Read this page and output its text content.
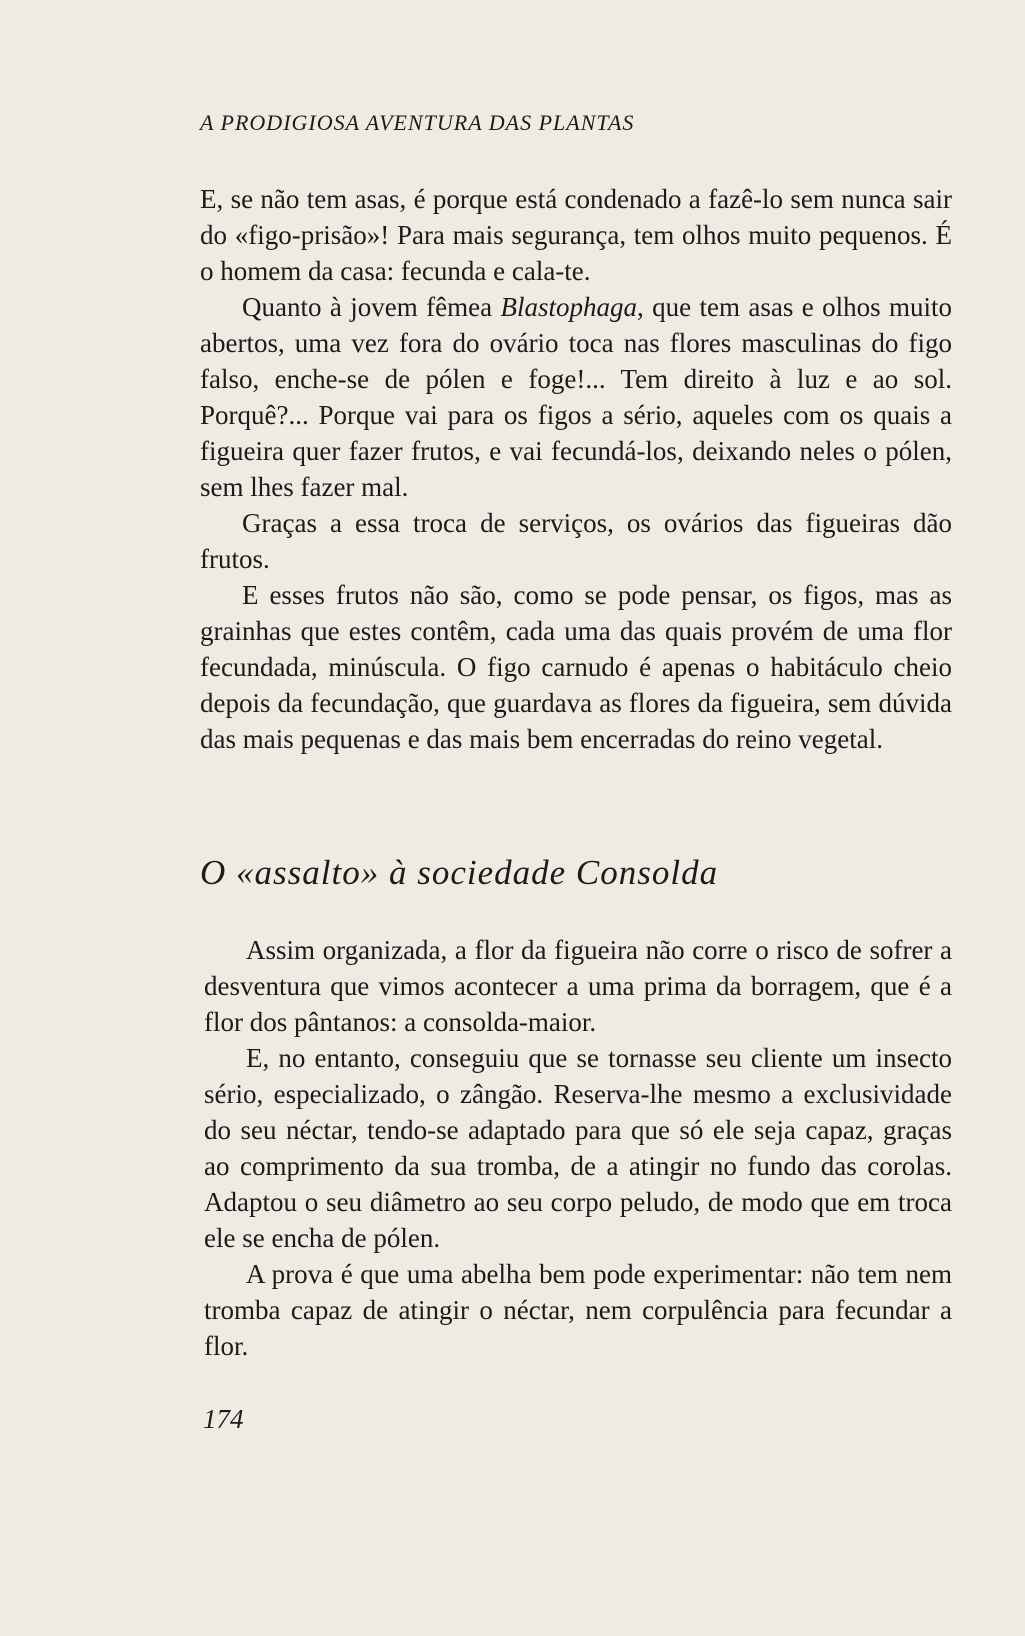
A PRODIGIOSA AVENTURA DAS PLANTAS

E, se não tem asas, é porque está condenado a fazê-lo sem nunca sair do «figo-prisão»! Para mais segurança, tem olhos muito pequenos. É o homem da casa: fecunda e cala-te.

Quanto à jovem fêmea Blastophaga, que tem asas e olhos muito abertos, uma vez fora do ovário toca nas flores masculinas do figo falso, enche-se de pólen e foge!... Tem direito à luz e ao sol. Porquê?... Porque vai para os figos a sério, aqueles com os quais a figueira quer fazer frutos, e vai fecundá-los, deixando neles o pólen, sem lhes fazer mal.

Graças a essa troca de serviços, os ovários das figueiras dão frutos.

E esses frutos não são, como se pode pensar, os figos, mas as grainhas que estes contêm, cada uma das quais provém de uma flor fecundada, minúscula. O figo carnudo é apenas o habitáculo cheio depois da fecundação, que guardava as flores da figueira, sem dúvida das mais pequenas e das mais bem encerradas do reino vegetal.

O «assalto» à sociedade Consolda

Assim organizada, a flor da figueira não corre o risco de sofrer a desventura que vimos acontecer a uma prima da borragem, que é a flor dos pântanos: a consolda-maior.

E, no entanto, conseguiu que se tornasse seu cliente um insecto sério, especializado, o zângão. Reserva-lhe mesmo a exclusividade do seu néctar, tendo-se adaptado para que só ele seja capaz, graças ao comprimento da sua tromba, de a atingir no fundo das corolas. Adaptou o seu diâmetro ao seu corpo peludo, de modo que em troca ele se encha de pólen.

A prova é que uma abelha bem pode experimentar: não tem nem tromba capaz de atingir o néctar, nem corpulência para fecundar a flor.

174
